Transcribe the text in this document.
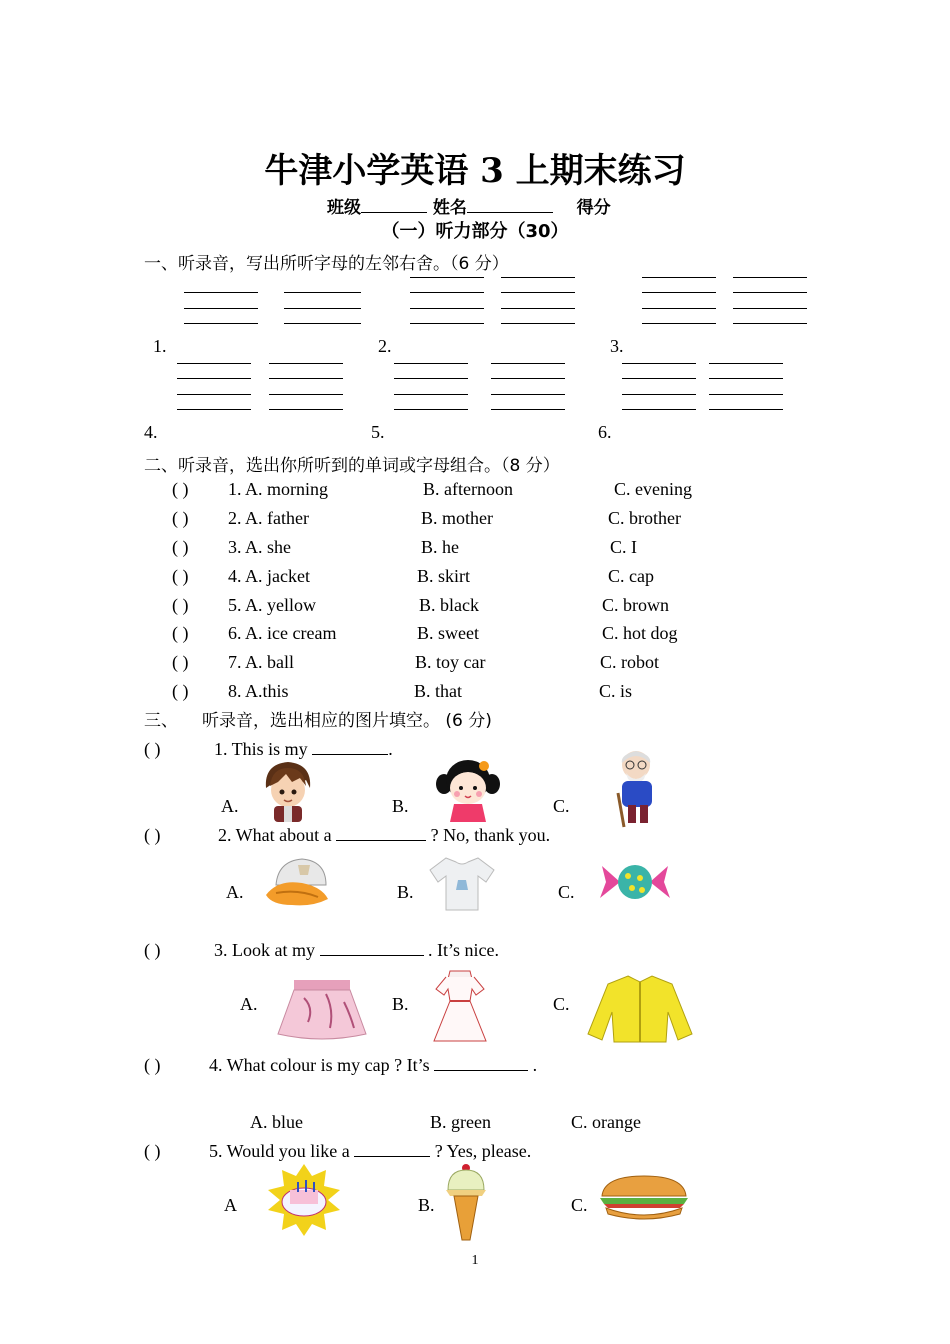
牛津小学英语 3 上期末练习
班级	姓名	得分
（一）听力部分（30）
一、听录音，写出所听字母的左邻右舍。（6 分）
1.	2.	3.
4.	5.	6.
二、听录音，选出你所听到的单词或字母组合。（8 分）
( ) 1. A. morning	B. afternoon	C. evening
( ) 2. A. father	B. mother	C. brother
( ) 3. A. she	B. he	C. I
( ) 4. A. jacket	B. skirt	C. cap
( ) 5. A. yellow	B. black	C. brown
( ) 6. A. ice cream	B. sweet	C. hot dog
( ) 7. A. ball	B. toy car	C. robot
( ) 8. A.this	B. that	C. is
三、 听录音，选出相应的图片填空。 (6 分)
( )	1. This is my	.
A.	B.	C.
( )	2. What about a	? No, thank you.
A.	B.	C.
( )	3. Look at my	. It’s nice.
A.	B.	C.
( )	4. What colour is my cap ? It’s	.
A. blue	B. green	C. orange
( )	5. Would you like a	? Yes, please.
A	B.	C.
1
